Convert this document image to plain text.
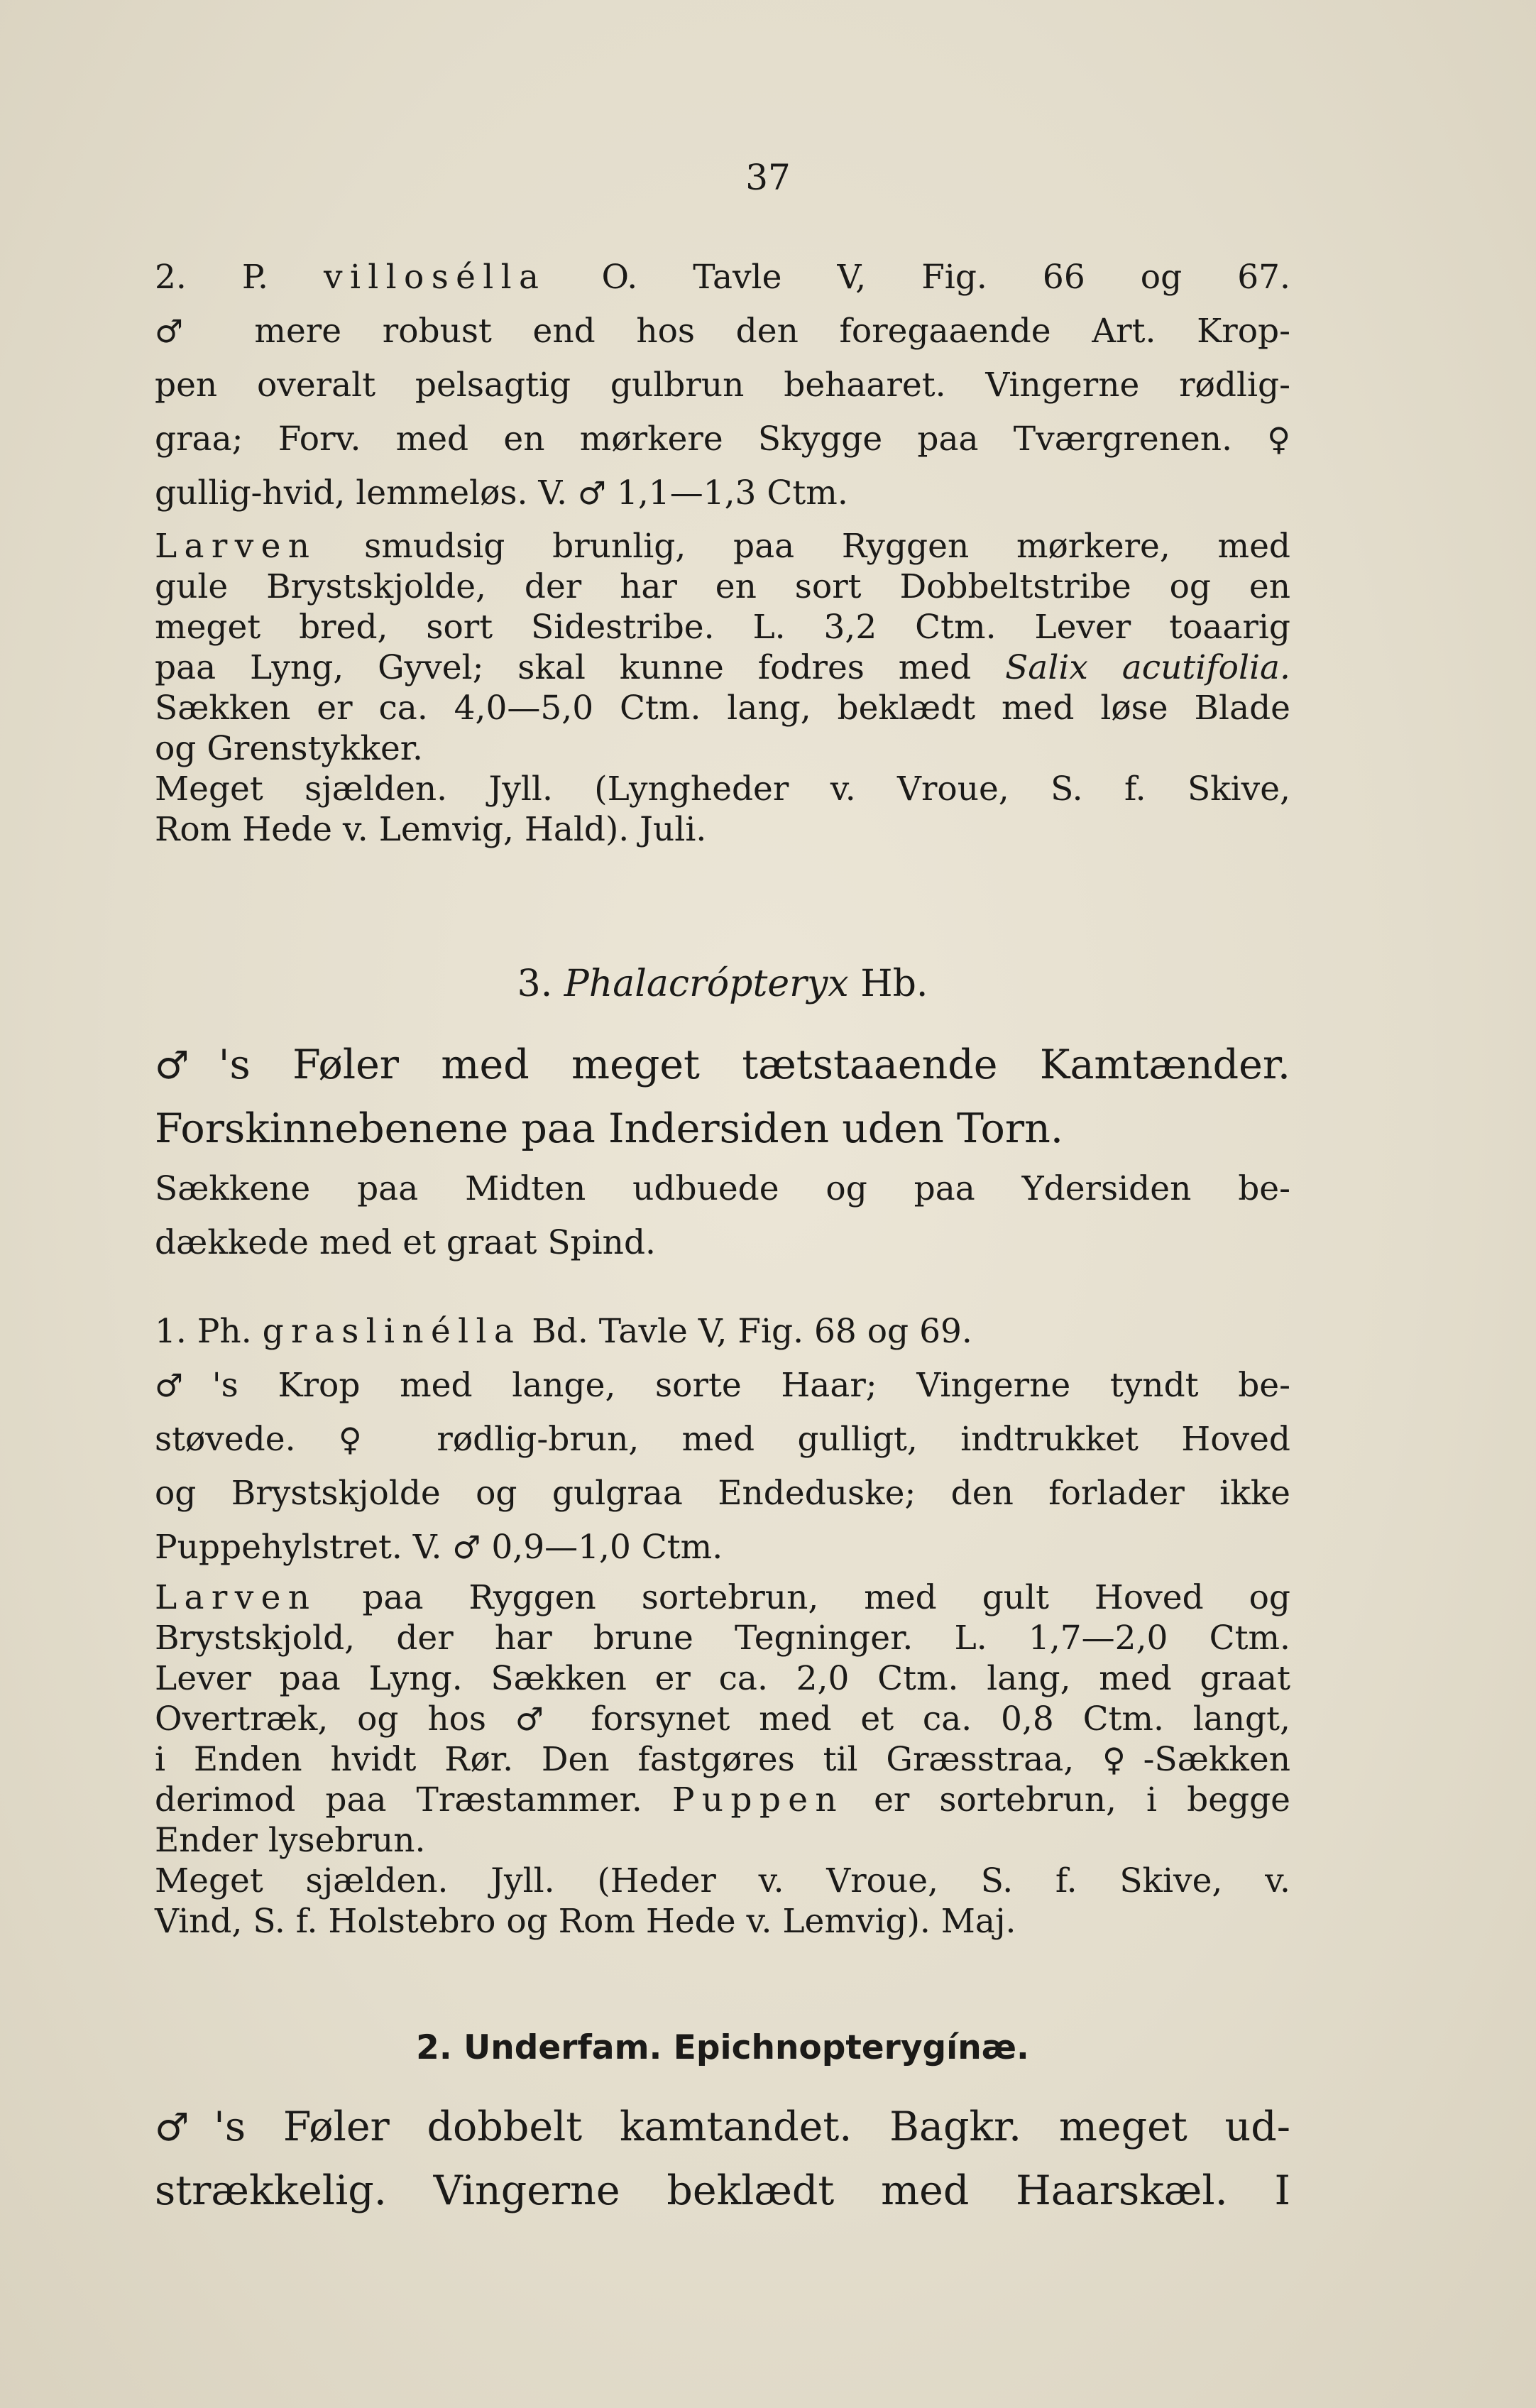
37
2. P. villosélla O. Tavle V, Fig. 66 og 67.
♂ mere robust end hos den foregaaende Art. Krop-
pen overalt pelsagtig gulbrun behaaret. Vingerne rødlig-
graa; Forv. med en mørkere Skygge paa Tværgrenen. ♀
gullig-hvid, lemmeløs. V. ♂ 1,1—1,3 Ctm.
Larven smudsig brunlig, paa Ryggen mørkere, med
gule Brystskjolde, der har en sort Dobbeltstribe og en
meget bred, sort Sidestribe. L. 3,2 Ctm. Lever toaarig
paa Lyng, Gyvel; skal kunne fodres med Salix acutifolia.
Sækken er ca. 4,0—5,0 Ctm. lang, beklædt med løse Blade
og Grenstykker.
Meget sjælden. Jyll. (Lyngheder v. Vroue, S. f. Skive,
Rom Hede v. Lemvig, Hald). Juli.
3. Phalacrópteryx Hb.
♂'s Føler med meget tætstaaende Kamtænder.
Forskinnebenene paa Indersiden uden Torn.
Sækkene paa Midten udbuede og paa Ydersiden be-
dækkede med et graat Spind.
1. Ph. graslinélla Bd. Tavle V, Fig. 68 og 69.
♂'s Krop med lange, sorte Haar; Vingerne tyndt be-
støvede. ♀ rødlig-brun, med gulligt, indtrukket Hoved
og Brystskjolde og gulgraa Endeduske; den forlader ikke
Puppehylstret. V. ♂ 0,9—1,0 Ctm.
Larven paa Ryggen sortebrun, med gult Hoved og
Brystskjold, der har brune Tegninger. L. 1,7—2,0 Ctm.
Lever paa Lyng. Sækken er ca. 2,0 Ctm. lang, med graat
Overtræk, og hos ♂ forsynet med et ca. 0,8 Ctm. langt,
i Enden hvidt Rør. Den fastgøres til Græsstraa, ♀-Sækken
derimod paa Træstammer. Puppen er sortebrun, i begge
Ender lysebrun.
Meget sjælden. Jyll. (Heder v. Vroue, S. f. Skive, v.
Vind, S. f. Holstebro og Rom Hede v. Lemvig). Maj.
2. Underfam. Epichnopterygínæ.
♂'s Føler dobbelt kamtandet. Bagkr. meget ud-
strækkelig. Vingerne beklædt med Haarskæl. I
